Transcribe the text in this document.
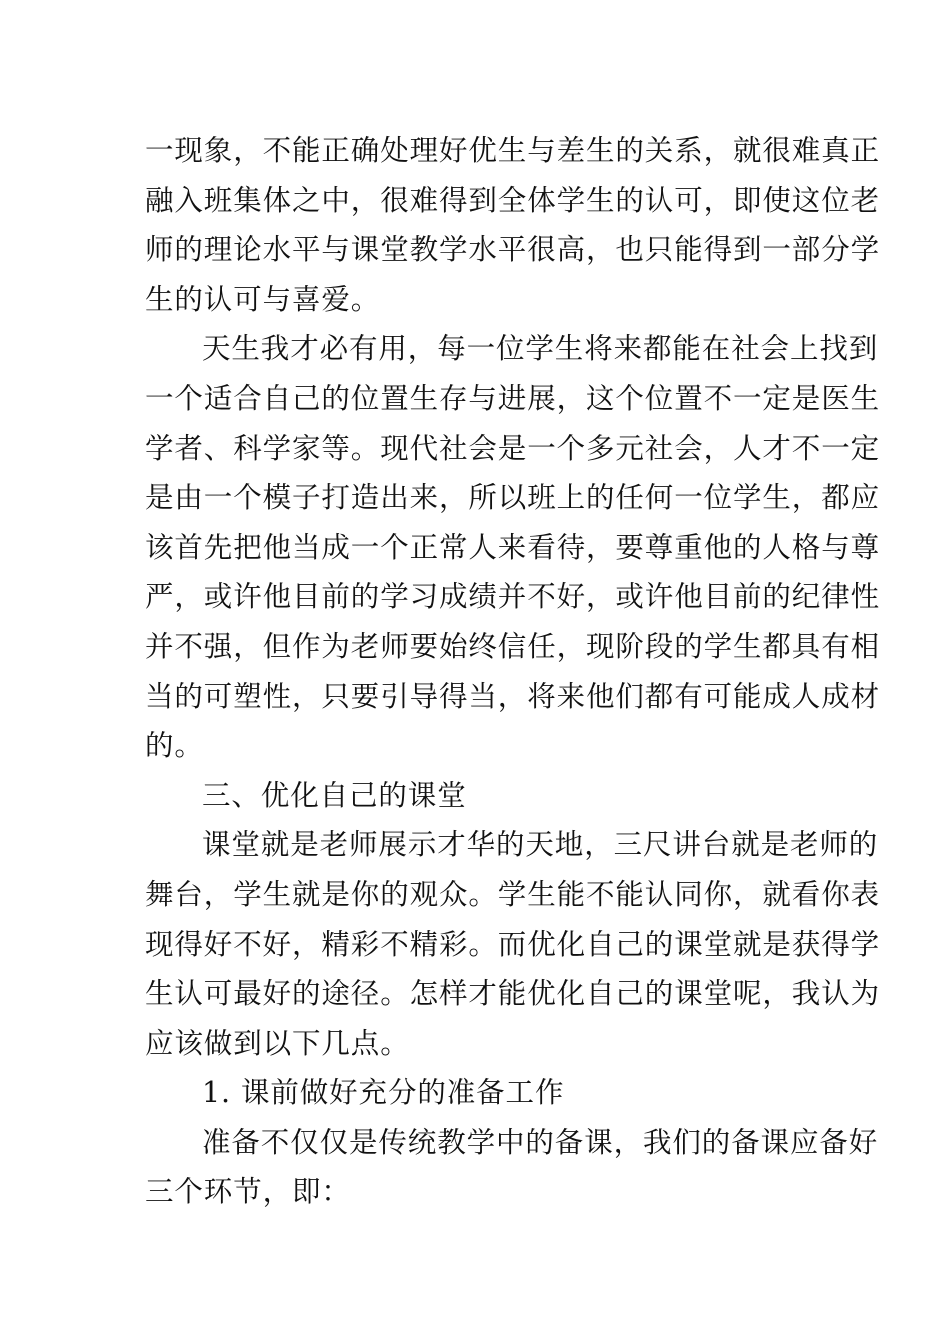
一现象，不能正确处理好优生与差生的关系，就很难真正
融入班集体之中，很难得到全体学生的认可，即使这位老
师的理论水平与课堂教学水平很高，也只能得到一部分学
生的认可与喜爱。
天生我才必有用，每一位学生将来都能在社会上找到
一个适合自己的位置生存与进展，这个位置不一定是医生
学者、科学家等。现代社会是一个多元社会，人才不一定
是由一个模子打造出来，所以班上的任何一位学生，都应
该首先把他当成一个正常人来看待，要尊重他的人格与尊
严，或许他目前的学习成绩并不好，或许他目前的纪律性
并不强，但作为老师要始终信任，现阶段的学生都具有相
当的可塑性，只要引导得当，将来他们都有可能成人成材
的。
三、优化自己的课堂
课堂就是老师展示才华的天地，三尺讲台就是老师的
舞台，学生就是你的观众。学生能不能认同你，就看你表
现得好不好，精彩不精彩。而优化自己的课堂就是获得学
生认可最好的途径。怎样才能优化自己的课堂呢，我认为
应该做到以下几点。
1. 课前做好充分的准备工作
准备不仅仅是传统教学中的备课，我们的备课应备好
三个环节，即：
